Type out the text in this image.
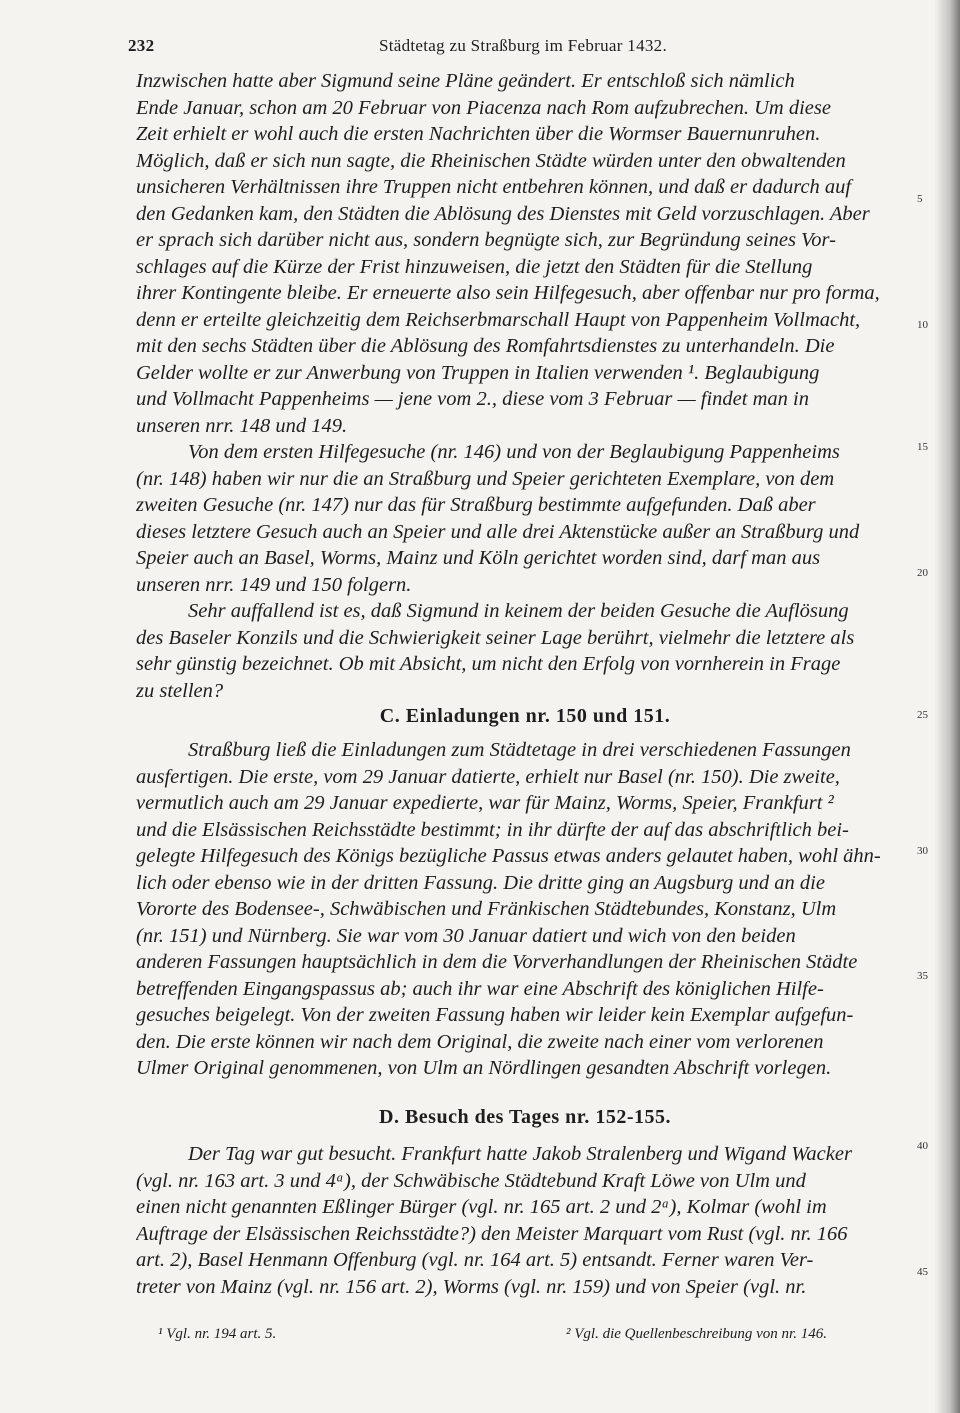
232	Städtetag zu Straßburg im Februar 1432.
Inzwischen hatte aber Sigmund seine Pläne geändert. Er entschloß sich nämlich
Ende Januar, schon am 20 Februar von Piacenza nach Rom aufzubrechen. Um diese
Zeit erhielt er wohl auch die ersten Nachrichten über die Wormser Bauernunruhen.
Möglich, daß er sich nun sagte, die Rheinischen Städte würden unter den obwaltenden
unsicheren Verhältnissen ihre Truppen nicht entbehren können, und daß er dadurch auf
den Gedanken kam, den Städten die Ablösung des Dienstes mit Geld vorzuschlagen. Aber
er sprach sich darüber nicht aus, sondern begnügte sich, zur Begründung seines Vor-
schlages auf die Kürze der Frist hinzuweisen, die jetzt den Städten für die Stellung
ihrer Kontingente bleibe. Er erneuerte also sein Hilfegesuch, aber offenbar nur pro forma,
denn er erteilte gleichzeitig dem Reichserbmarschall Haupt von Pappenheim Vollmacht,
mit den sechs Städten über die Ablösung des Romfahrtsdienstes zu unterhandeln. Die
Gelder wollte er zur Anwerbung von Truppen in Italien verwenden ¹. Beglaubigung
und Vollmacht Pappenheims — jene vom 2., diese vom 3 Februar — findet man in
unseren nrr. 148 und 149.
Von dem ersten Hilfegesuche (nr. 146) und von der Beglaubigung Pappenheims
(nr. 148) haben wir nur die an Straßburg und Speier gerichteten Exemplare, von dem
zweiten Gesuche (nr. 147) nur das für Straßburg bestimmte aufgefunden. Daß aber
dieses letztere Gesuch auch an Speier und alle drei Aktenstücke außer an Straßburg und
Speier auch an Basel, Worms, Mainz und Köln gerichtet worden sind, darf man aus
unseren nrr. 149 und 150 folgern.
Sehr auffallend ist es, daß Sigmund in keinem der beiden Gesuche die Auflösung
des Baseler Konzils und die Schwierigkeit seiner Lage berührt, vielmehr die letztere als
sehr günstig bezeichnet. Ob mit Absicht, um nicht den Erfolg von vornherein in Frage
zu stellen?
C. Einladungen nr. 150 und 151.
Straßburg ließ die Einladungen zum Städtetage in drei verschiedenen Fassungen
ausfertigen. Die erste, vom 29 Januar datierte, erhielt nur Basel (nr. 150). Die zweite,
vermutlich auch am 29 Januar expedierte, war für Mainz, Worms, Speier, Frankfurt ²
und die Elsässischen Reichsstädte bestimmt; in ihr dürfte der auf das abschriftlich bei-
gelegte Hilfegesuch des Königs bezügliche Passus etwas anders gelautet haben, wohl ähn-
lich oder ebenso wie in der dritten Fassung. Die dritte ging an Augsburg und an die
Vororte des Bodensee-, Schwäbischen und Fränkischen Städtebundes, Konstanz, Ulm
(nr. 151) und Nürnberg. Sie war vom 30 Januar datiert und wich von den beiden
anderen Fassungen hauptsächlich in dem die Vorverhandlungen der Rheinischen Städte
betreffenden Eingangspassus ab; auch ihr war eine Abschrift des königlichen Hilfe-
gesuches beigelegt. Von der zweiten Fassung haben wir leider kein Exemplar aufgefun-
den. Die erste können wir nach dem Original, die zweite nach einer vom verlorenen
Ulmer Original genommenen, von Ulm an Nördlingen gesandten Abschrift vorlegen.
D. Besuch des Tages nr. 152-155.
Der Tag war gut besucht. Frankfurt hatte Jakob Stralenberg und Wigand Wacker
(vgl. nr. 163 art. 3 und 4ᵃ), der Schwäbische Städtebund Kraft Löwe von Ulm und
einen nicht genannten Eßlinger Bürger (vgl. nr. 165 art. 2 und 2ᵃ), Kolmar (wohl im
Auftrage der Elsässischen Reichsstädte?) den Meister Marquart vom Rust (vgl. nr. 166
art. 2), Basel Henmann Offenburg (vgl. nr. 164 art. 5) entsandt. Ferner waren Ver-
treter von Mainz (vgl. nr. 156 art. 2), Worms (vgl. nr. 159) und von Speier (vgl. nr.
5
10
15
20
25
30
35
40
45
¹ Vgl. nr. 194 art. 5.	² Vgl. die Quellenbeschreibung von nr. 146.
